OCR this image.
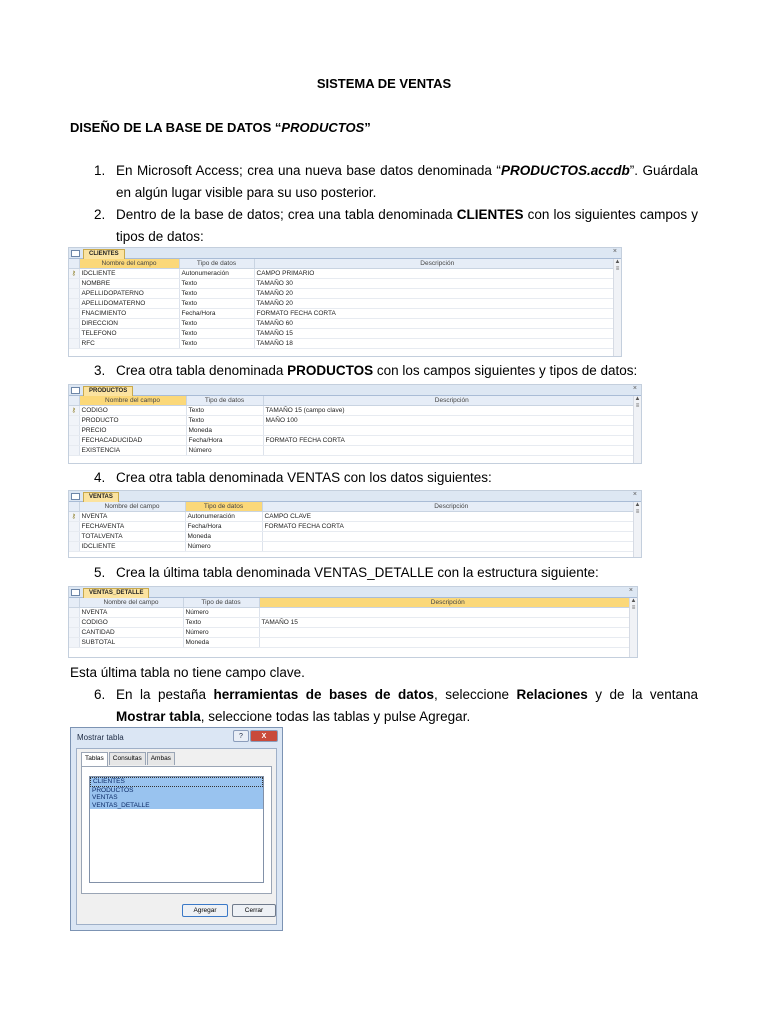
SISTEMA DE VENTAS
DISEÑO DE LA BASE DE DATOS “PRODUCTOS”
1. En Microsoft Access; crea una nueva base datos denominada “PRODUCTOS.accdb”. Guárdala en algún lugar visible para su uso posterior.
2. Dentro de la base de datos; crea una tabla denominada CLIENTES con los siguientes campos y tipos de datos:
CLIENTES	×
	Nombre del campo	Tipo de datos	Descripción
⚷	IDCLIENTE	Autonumeración	CAMPO PRIMARIO
	NOMBRE	Texto	TAMAÑO 30
	APELLIDOPATERNO	Texto	TAMAÑO 20
	APELLIDOMATERNO	Texto	TAMAÑO 20
	FNACIMIENTO	Fecha/Hora	FORMATO FECHA CORTA
	DIRECCION	Texto	TAMAÑO 60
	TELEFONO	Texto	TAMAÑO 15
	RFC	Texto	TAMAÑO 18
▲
≡
3. Crea otra tabla denominada PRODUCTOS con los campos siguientes y tipos de datos:
PRODUCTOS	×
	Nombre del campo	Tipo de datos	Descripción
⚷	CODIGO	Texto	TAMAÑO 15 (campo clave)
	PRODUCTO	Texto	MAÑO 100
	PRECIO	Moneda	
	FECHACADUCIDAD	Fecha/Hora	FORMATO FECHA CORTA
	EXISTENCIA	Número	
▲
≡
4. Crea otra tabla denominada VENTAS con los datos siguientes:
VENTAS	×
	Nombre del campo	Tipo de datos	Descripción
⚷	NVENTA	Autonumeración	CAMPO CLAVE
	FECHAVENTA	Fecha/Hora	FORMATO FECHA CORTA
	TOTALVENTA	Moneda	
	IDCLIENTE	Número	
▲
≡
5. Crea la última tabla denominada VENTAS_DETALLE con la estructura siguiente:
VENTAS_DETALLE	×
	Nombre del campo	Tipo de datos	Descripción
	NVENTA	Número	
	CODIGO	Texto	TAMAÑO 15
	CANTIDAD	Número	
	SUBTOTAL	Moneda	
▲
≡
Esta última tabla no tiene campo clave.
6. En la pestaña herramientas de bases de datos, seleccione Relaciones y de la ventana Mostrar tabla, seleccione todas las tablas y pulse Agregar.
Mostrar tabla	?	X
Tablas	Consultas	Ambas
CLIENTES
PRODUCTOS
VENTAS
VENTAS_DETALLE
Agregar	Cerrar
